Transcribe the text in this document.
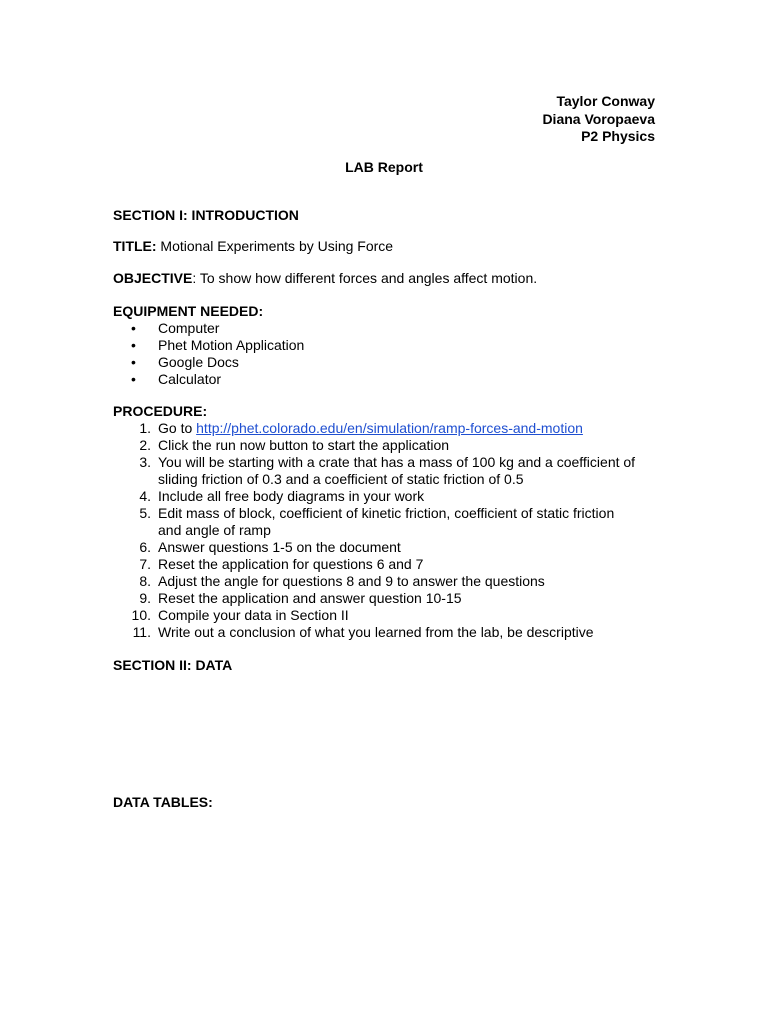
Taylor Conway
Diana Voropaeva
P2 Physics
LAB Report
SECTION I: INTRODUCTION
TITLE: Motional Experiments by Using Force
OBJECTIVE: To show how different forces and angles affect motion.
EQUIPMENT NEEDED:
• Computer
• Phet Motion Application
• Google Docs
• Calculator
PROCEDURE:
1. Go to http://phet.colorado.edu/en/simulation/ramp-forces-and-motion
2. Click the run now button to start the application
3. You will be starting with a crate that has a mass of 100 kg and a coefficient of
sliding friction of 0.3 and a coefficient of static friction of 0.5
4. Include all free body diagrams in your work
5. Edit mass of block, coefficient of kinetic friction, coefficient of static friction
and angle of ramp
6. Answer questions 1-5 on the document
7. Reset the application for questions 6 and 7
8. Adjust the angle for questions 8 and 9 to answer the questions
9. Reset the application and answer question 10-15
10. Compile your data in Section II
11. Write out a conclusion of what you learned from the lab, be descriptive
SECTION II: DATA
DATA TABLES:
